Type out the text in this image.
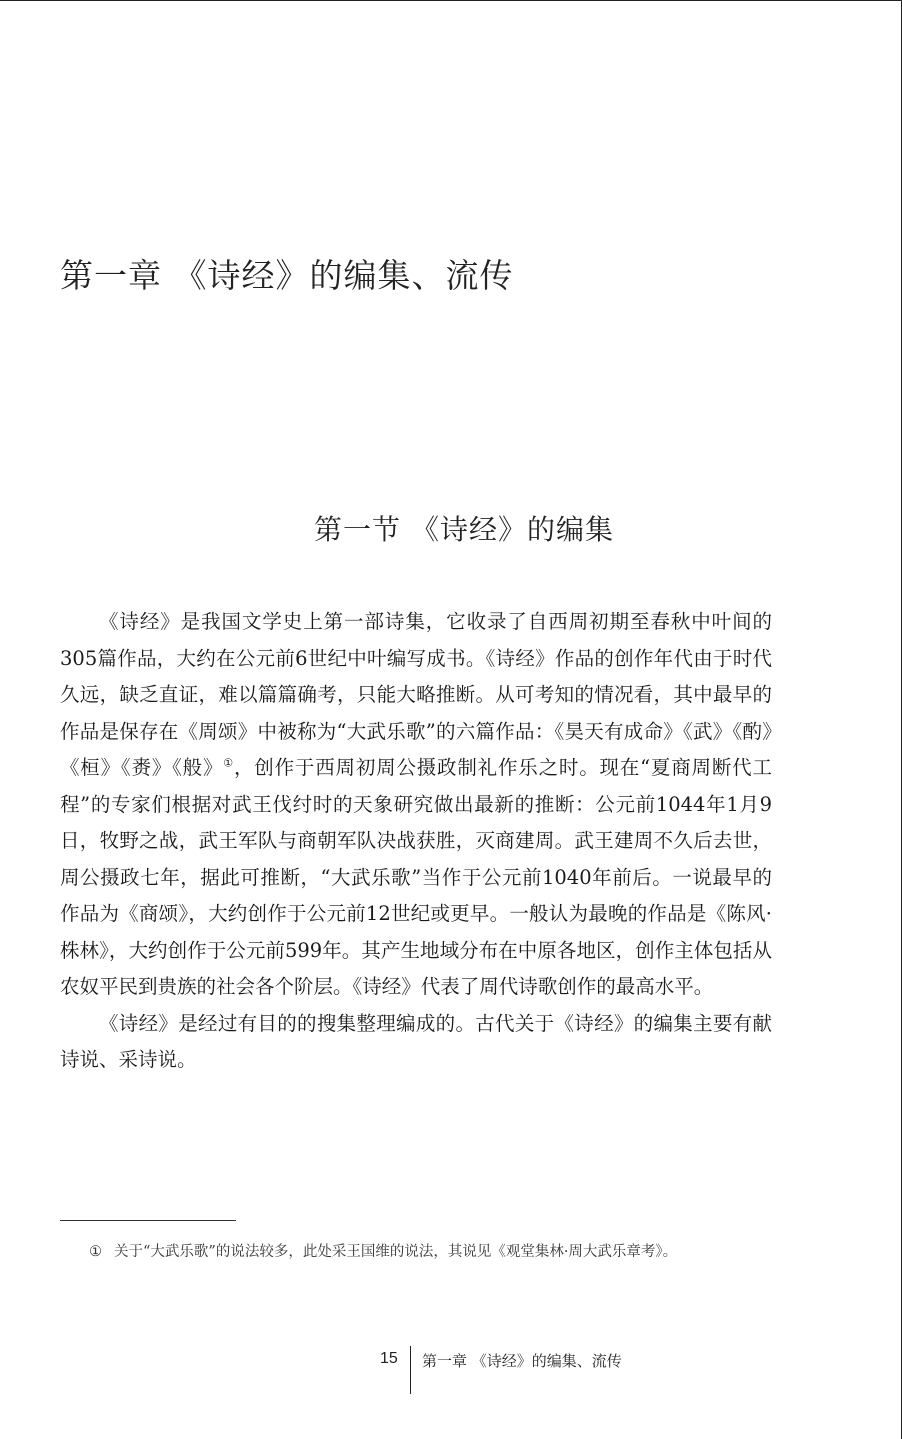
第一章 《诗经》的编集、流传
第一节 《诗经》的编集

《诗经》是我国文学史上第一部诗集，它收录了自西周初期至春秋中叶间的305篇作品，大约在公元前6世纪中叶编写成书。《诗经》作品的创作年代由于时代久远，缺乏直证，难以篇篇确考，只能大略推断。从可考知的情况看，其中最早的作品是保存在《周颂》中被称为“大武乐歌”的六篇作品：《昊天有成命》《武》《酌》《桓》《赉》《般》①，创作于西周初周公摄政制礼作乐之时。现在“夏商周断代工程”的专家们根据对武王伐纣时的天象研究做出最新的推断：公元前1044年1月9日，牧野之战，武王军队与商朝军队决战获胜，灭商建周。武王建周不久后去世，周公摄政七年，据此可推断，“大武乐歌”当作于公元前1040年前后。一说最早的作品为《商颂》，大约创作于公元前12世纪或更早。一般认为最晚的作品是《陈风·株林》，大约创作于公元前599年。其产生地域分布在中原各地区，创作主体包括从农奴平民到贵族的社会各个阶层。《诗经》代表了周代诗歌创作的最高水平。

《诗经》是经过有目的的搜集整理编成的。古代关于《诗经》的编集主要有献诗说、采诗说。

① 关于“大武乐歌”的说法较多，此处采王国维的说法，其说见《观堂集林·周大武乐章考》。
15 第一章 《诗经》的编集、流传
